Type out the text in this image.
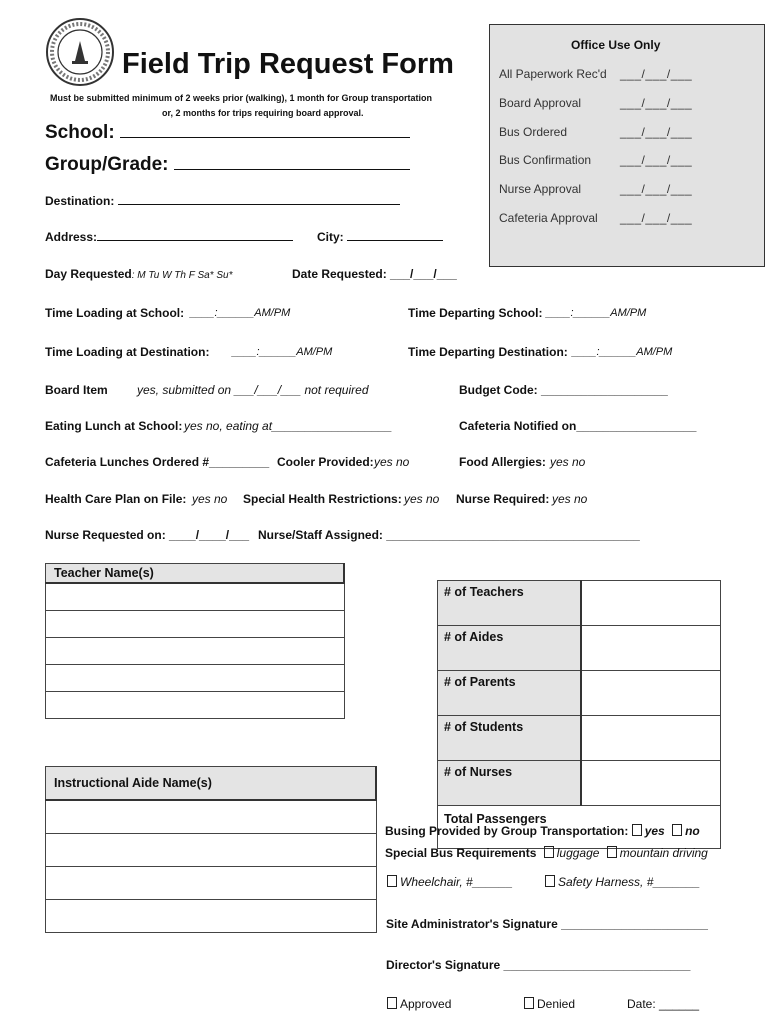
Field Trip Request Form
Must be submitted minimum of 2 weeks prior (walking), 1 month for Group transportation
or, 2 months for trips requiring board approval.
Office Use Only
All Paperwork Rec'd ___/___/___
Board Approval	___/___/___
Bus Ordered	___/___/___
Bus Confirmation ___/___/___
Nurse Approval	___/___/___
Cafeteria Approval ___/___/___
School:
Group/Grade:
Destination:
Address:	City:
Day Requested: M Tu W Th F Sa* Su*	Date Requested: ___/___/___
Time Loading at School: ____:______AM/PM	Time Departing School: ____:______AM/PM
Time Loading at Destination: ____:______AM/PM	Time Departing Destination: ____:______AM/PM
Board Item yes, submitted on ___/___/___ not required	Budget Code: ___________________
Eating Lunch at School: yes no, eating at__________________	Cafeteria Notified on__________________
Cafeteria Lunches Ordered #_________ Cooler Provided: yes no	Food Allergies: yes no
Health Care Plan on File: yes no Special Health Restrictions: yes no Nurse Required: yes no
Nurse Requested on: ____/____/___ Nurse/Staff Assigned: ______________________________________
Teacher Name(s)

Instructional Aide Name(s)

# of Teachers	
# of Aides	
# of Parents	
# of Students	
# of Nurses	
Total Passengers	
Busing Provided by Group Transportation: yes no
Special Bus Requirements luggage mountain driving
Wheelchair, #______	Safety Harness, #_______
Site Administrator's Signature ______________________
Director's Signature ____________________________
Approved	Denied	Date: ______
